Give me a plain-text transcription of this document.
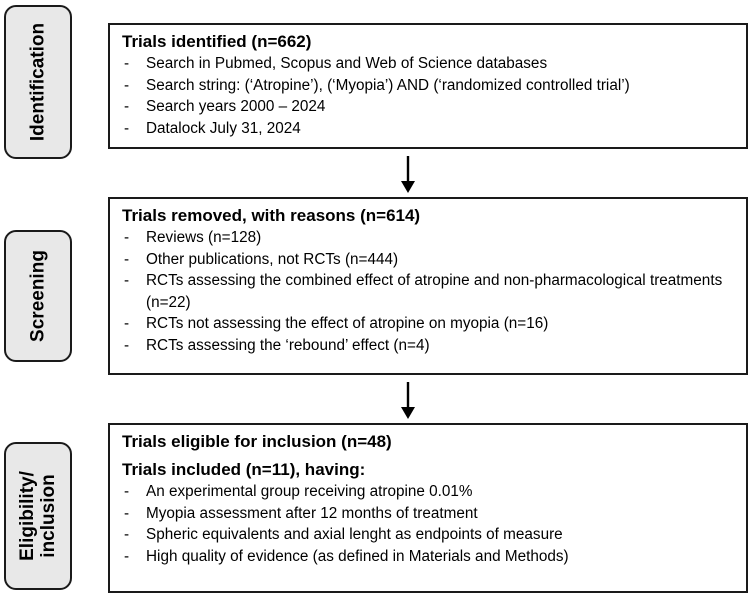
Identification
Screening
Eligibility/ inclusion
Trials identified (n=662)
- Search in Pubmed, Scopus and Web of Science databases
- Search string: (‘Atropine’), (‘Myopia’) AND (‘randomized controlled trial’)
- Search years 2000 – 2024
- Datalock July 31, 2024
Trials removed, with reasons (n=614)
- Reviews (n=128)
- Other publications, not RCTs (n=444)
- RCTs assessing the combined effect of atropine and non-pharmacological treatments (n=22)
- RCTs not assessing the effect of atropine on myopia (n=16)
- RCTs assessing the ‘rebound’ effect (n=4)
Trials eligible for inclusion (n=48)
Trials included (n=11), having:
- An experimental group receiving atropine 0.01%
- Myopia assessment after 12 months of treatment
- Spheric equivalents and axial lenght as endpoints of measure
- High quality of evidence (as defined in Materials and Methods)
